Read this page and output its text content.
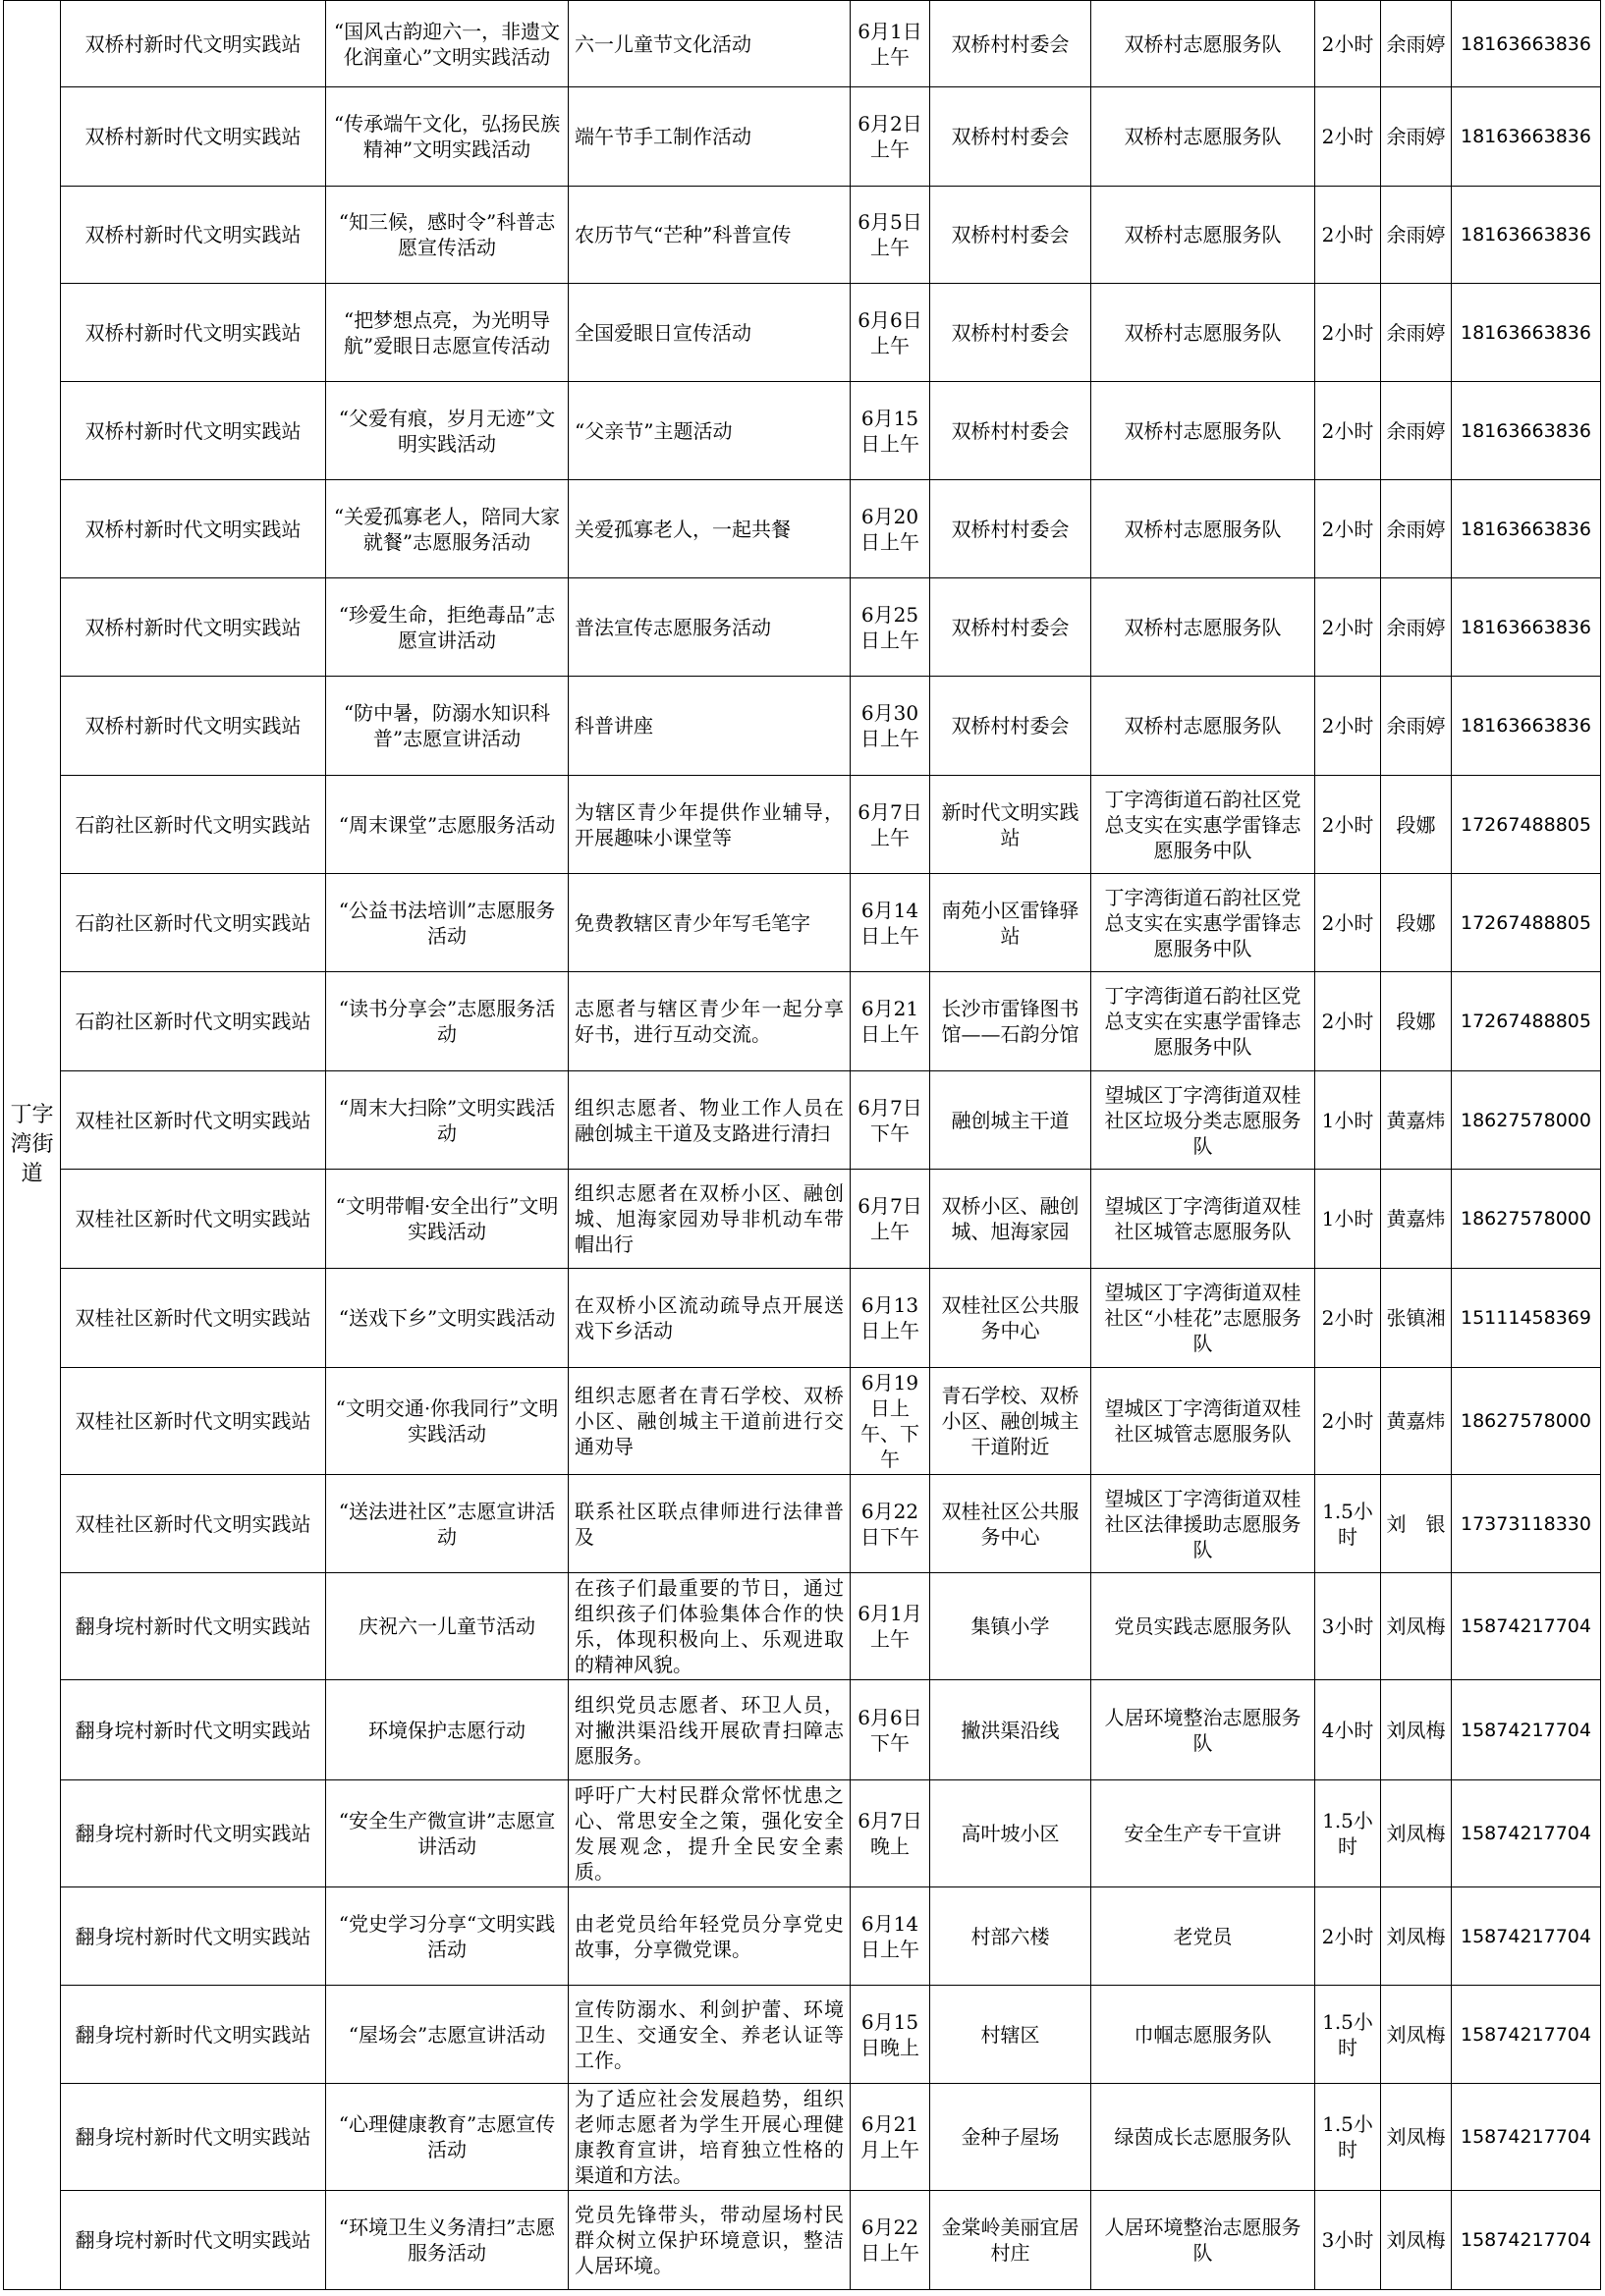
丁字湾街道	双桥村新时代文明实践站	“国风古韵迎六一，非遗文化润童心”文明实践活动	六一儿童节文化活动	6月1日上午	双桥村村委会	双桥村志愿服务队	2小时	余雨婷	18163663836
	双桥村新时代文明实践站	“传承端午文化，弘扬民族精神”文明实践活动	端午节手工制作活动	6月2日上午	双桥村村委会	双桥村志愿服务队	2小时	余雨婷	18163663836
	双桥村新时代文明实践站	“知三候，感时令”科普志愿宣传活动	农历节气“芒种”科普宣传	6月5日上午	双桥村村委会	双桥村志愿服务队	2小时	余雨婷	18163663836
	双桥村新时代文明实践站	“把梦想点亮，为光明导航”爱眼日志愿宣传活动	全国爱眼日宣传活动	6月6日上午	双桥村村委会	双桥村志愿服务队	2小时	余雨婷	18163663836
	双桥村新时代文明实践站	“父爱有痕，岁月无迹”文明实践活动	“父亲节”主题活动	6月15日上午	双桥村村委会	双桥村志愿服务队	2小时	余雨婷	18163663836
	双桥村新时代文明实践站	“关爱孤寡老人，陪同大家就餐”志愿服务活动	关爱孤寡老人，一起共餐	6月20日上午	双桥村村委会	双桥村志愿服务队	2小时	余雨婷	18163663836
	双桥村新时代文明实践站	“珍爱生命，拒绝毒品”志愿宣讲活动	普法宣传志愿服务活动	6月25日上午	双桥村村委会	双桥村志愿服务队	2小时	余雨婷	18163663836
	双桥村新时代文明实践站	“防中暑，防溺水知识科普”志愿宣讲活动	科普讲座	6月30日上午	双桥村村委会	双桥村志愿服务队	2小时	余雨婷	18163663836
	石韵社区新时代文明实践站	“周末课堂”志愿服务活动	为辖区青少年提供作业辅导，开展趣味小课堂等	6月7日上午	新时代文明实践站	丁字湾街道石韵社区党总支实在实惠学雷锋志愿服务中队	2小时	段娜	17267488805
	石韵社区新时代文明实践站	“公益书法培训”志愿服务活动	免费教辖区青少年写毛笔字	6月14日上午	南苑小区雷锋驿站	丁字湾街道石韵社区党总支实在实惠学雷锋志愿服务中队	2小时	段娜	17267488805
	石韵社区新时代文明实践站	“读书分享会”志愿服务活动	志愿者与辖区青少年一起分享好书，进行互动交流。	6月21日上午	长沙市雷锋图书馆——石韵分馆	丁字湾街道石韵社区党总支实在实惠学雷锋志愿服务中队	2小时	段娜	17267488805
	双桂社区新时代文明实践站	“周末大扫除”文明实践活动	组织志愿者、物业工作人员在融创城主干道及支路进行清扫	6月7日下午	融创城主干道	望城区丁字湾街道双桂社区垃圾分类志愿服务队	1小时	黄嘉炜	18627578000
	双桂社区新时代文明实践站	“文明带帽·安全出行”文明实践活动	组织志愿者在双桥小区、融创城、旭海家园劝导非机动车带帽出行	6月7日上午	双桥小区、融创城、旭海家园	望城区丁字湾街道双桂社区城管志愿服务队	1小时	黄嘉炜	18627578000
	双桂社区新时代文明实践站	“送戏下乡”文明实践活动	在双桥小区流动疏导点开展送戏下乡活动	6月13日上午	双桂社区公共服务中心	望城区丁字湾街道双桂社区“小桂花”志愿服务队	2小时	张镇湘	15111458369
	双桂社区新时代文明实践站	“文明交通·你我同行”文明实践活动	组织志愿者在青石学校、双桥小区、融创城主干道前进行交通劝导	6月19日上午、下午	青石学校、双桥小区、融创城主干道附近	望城区丁字湾街道双桂社区城管志愿服务队	2小时	黄嘉炜	18627578000
	双桂社区新时代文明实践站	“送法进社区”志愿宣讲活动	联系社区联点律师进行法律普及	6月22日下午	双桂社区公共服务中心	望城区丁字湾街道双桂社区法律援助志愿服务队	1.5小时	刘　银	17373118330
	翻身垸村新时代文明实践站	庆祝六一儿童节活动	在孩子们最重要的节日，通过组织孩子们体验集体合作的快乐，体现积极向上、乐观进取的精神风貌。	6月1月上午	集镇小学	党员实践志愿服务队	3小时	刘凤梅	15874217704
	翻身垸村新时代文明实践站	环境保护志愿行动	组织党员志愿者、环卫人员，对撇洪渠沿线开展砍青扫障志愿服务。	6月6日下午	撇洪渠沿线	人居环境整治志愿服务队	4小时	刘凤梅	15874217704
	翻身垸村新时代文明实践站	“安全生产微宣讲”志愿宣讲活动	呼吁广大村民群众常怀忧患之心、常思安全之策，强化安全发展观念，提升全民安全素质。	6月7日晚上	高叶坡小区	安全生产专干宣讲	1.5小时	刘凤梅	15874217704
	翻身垸村新时代文明实践站	“党史学习分享“文明实践活动	由老党员给年轻党员分享党史故事，分享微党课。	6月14日上午	村部六楼	老党员	2小时	刘凤梅	15874217704
	翻身垸村新时代文明实践站	“屋场会”志愿宣讲活动	宣传防溺水、利剑护蕾、环境卫生、交通安全、养老认证等工作。	6月15日晚上	村辖区	巾帼志愿服务队	1.5小时	刘凤梅	15874217704
	翻身垸村新时代文明实践站	“心理健康教育”志愿宣传活动	为了适应社会发展趋势，组织老师志愿者为学生开展心理健康教育宣讲，培育独立性格的渠道和方法。	6月21月上午	金种子屋场	绿茵成长志愿服务队	1.5小时	刘凤梅	15874217704
	翻身垸村新时代文明实践站	“环境卫生义务清扫”志愿服务活动	党员先锋带头，带动屋场村民群众树立保护环境意识，整洁人居环境。	6月22日上午	金棠岭美丽宜居村庄	人居环境整治志愿服务队	3小时	刘凤梅	15874217704
